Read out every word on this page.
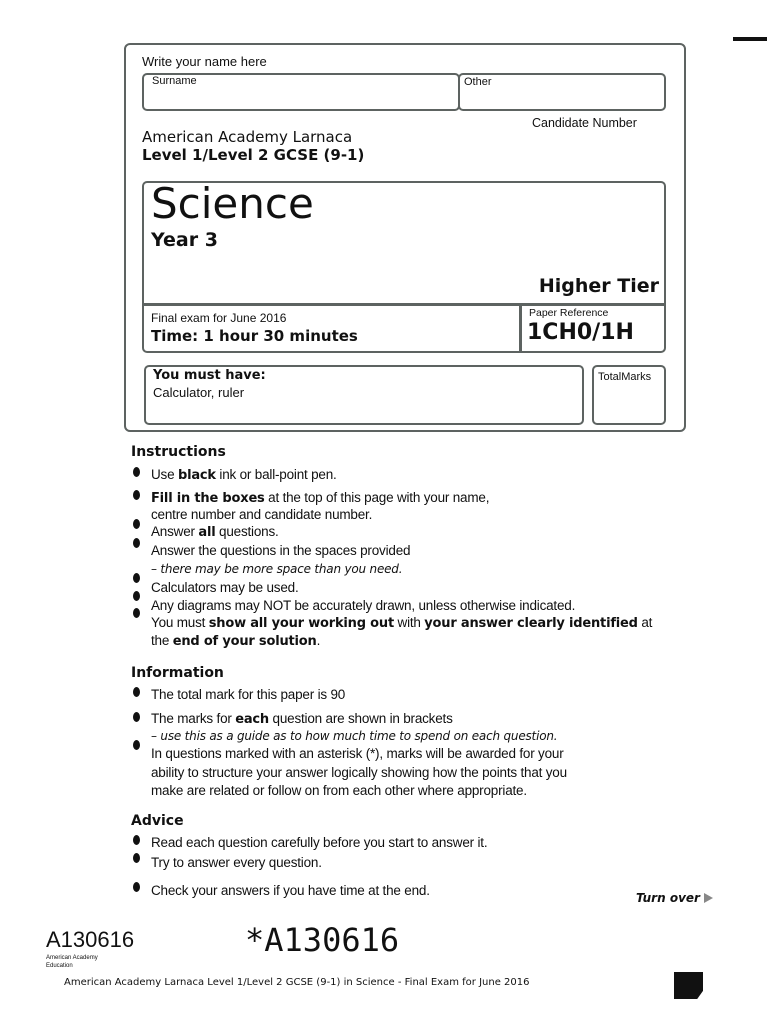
Write your name here
Surname	Other
Candidate Number
American Academy Larnaca
Level 1/Level 2 GCSE (9-1)
Science
Year 3
Higher Tier
Final exam for June 2016
Time: 1 hour 30 minutes
Paper Reference
1CH0/1H
You must have:
Calculator, ruler
TotalMarks
Instructions
Use black ink or ball-point pen.
Fill in the boxes at the top of this page with your name,
centre number and candidate number.
Answer all questions.
Answer the questions in the spaces provided
– there may be more space than you need.
Calculators may be used.
Any diagrams may NOT be accurately drawn, unless otherwise indicated.
You must show all your working out with your answer clearly identified at
the end of your solution.
Information
The total mark for this paper is 90
The marks for each question are shown in brackets
– use this as a guide as to how much time to spend on each question.
In questions marked with an asterisk (*), marks will be awarded for your
ability to structure your answer logically showing how the points that you
make are related or follow on from each other where appropriate.
Advice
Read each question carefully before you start to answer it.
Try to answer every question.
Check your answers if you have time at the end.	Turn over
A130616
American Academy
Education
*A130616
American Academy Larnaca Level 1/Level 2 GCSE (9-1) in Science - Final Exam for June 2016
